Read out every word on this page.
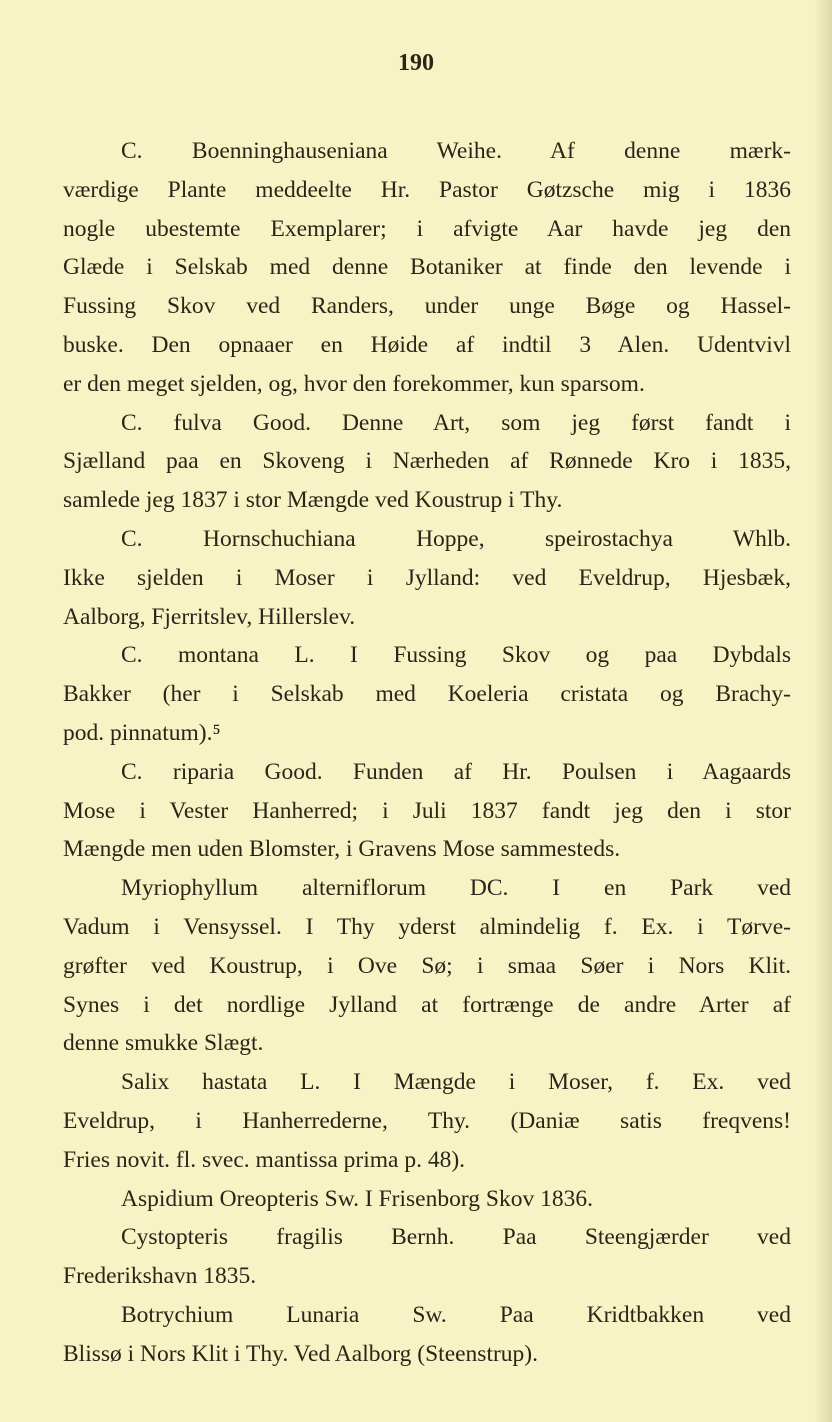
190
C. Boenninghauseniana Weihe. Af denne mærk-
værdige Plante meddeelte Hr. Pastor Gøtzsche mig i 1836
nogle ubestemte Exemplarer; i afvigte Aar havde jeg den
Glæde i Selskab med denne Botaniker at finde den levende i
Fussing Skov ved Randers, under unge Bøge og Hassel-
buske. Den opnaaer en Høide af indtil 3 Alen. Udentvivl
er den meget sjelden, og, hvor den forekommer, kun sparsom.
C. fulva Good. Denne Art, som jeg først fandt i
Sjælland paa en Skoveng i Nærheden af Rønnede Kro i 1835,
samlede jeg 1837 i stor Mængde ved Koustrup i Thy.
C. Hornschuchiana Hoppe, speirostachya Whlb.
Ikke sjelden i Moser i Jylland: ved Eveldrup, Hjesbæk,
Aalborg, Fjerritslev, Hillerslev.
C. montana L. I Fussing Skov og paa Dybdals
Bakker (her i Selskab med Koeleria cristata og Brachy-
pod. pinnatum).⁵
C. riparia Good. Funden af Hr. Poulsen i Aagaards
Mose i Vester Hanherred; i Juli 1837 fandt jeg den i stor
Mængde men uden Blomster, i Gravens Mose sammesteds.
Myriophyllum alterniflorum DC. I en Park ved
Vadum i Vensyssel. I Thy yderst almindelig f. Ex. i Tørve-
grøfter ved Koustrup, i Ove Sø; i smaa Søer i Nors Klit.
Synes i det nordlige Jylland at fortrænge de andre Arter af
denne smukke Slægt.
Salix hastata L. I Mængde i Moser, f. Ex. ved
Eveldrup, i Hanherrederne, Thy. (Daniæ satis freqvens!
Fries novit. fl. svec. mantissa prima p. 48).
Aspidium Oreopteris Sw. I Frisenborg Skov 1836.
Cystopteris fragilis Bernh. Paa Steengjærder ved
Frederikshavn 1835.
Botrychium Lunaria Sw. Paa Kridtbakken ved
Blissø i Nors Klit i Thy. Ved Aalborg (Steenstrup).
